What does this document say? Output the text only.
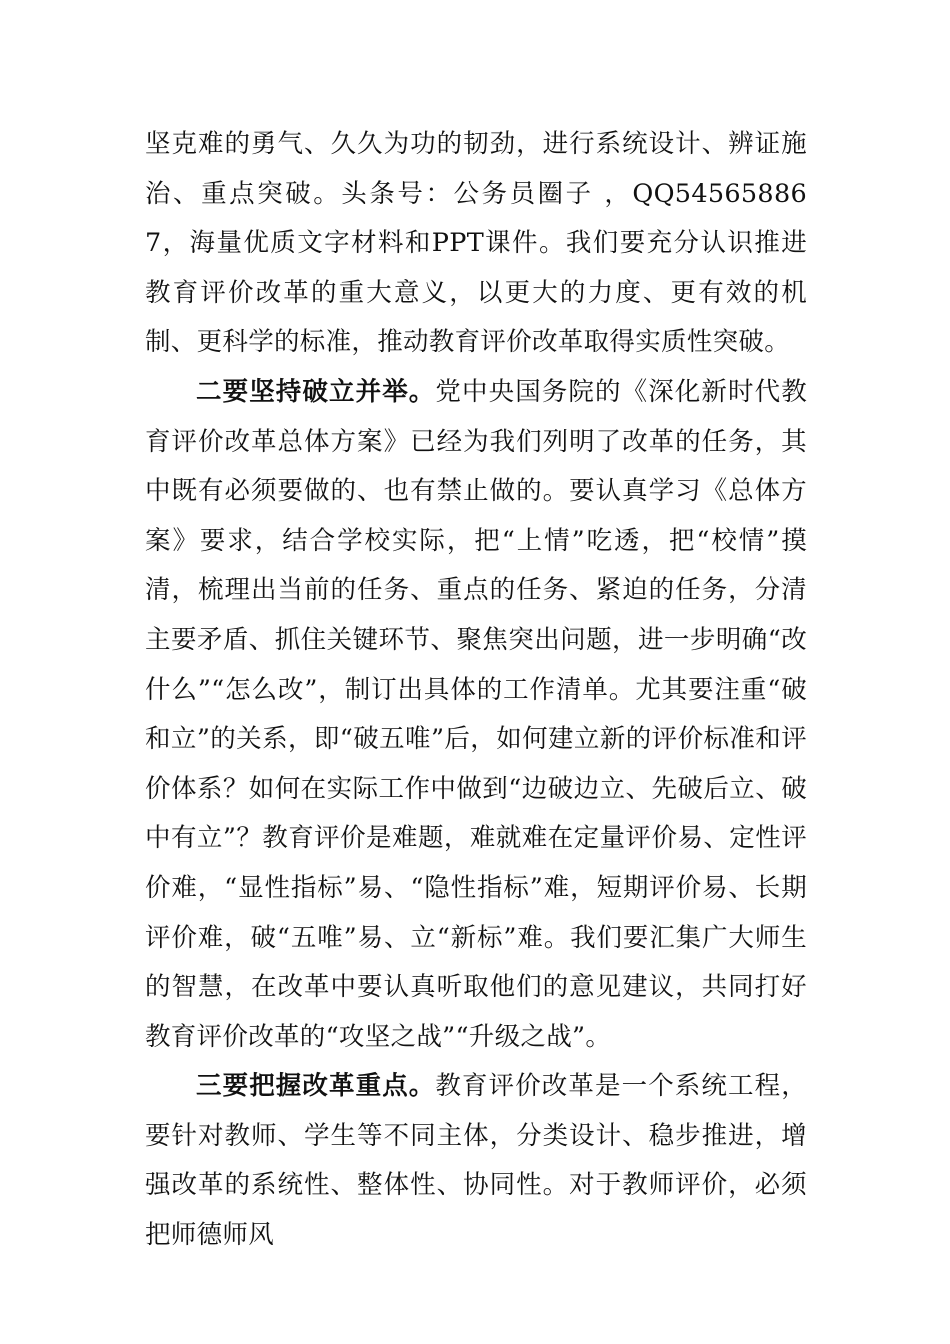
坚克难的勇气、久久为功的韧劲，进行系统设计、辨证施治、重点突破。头条号：公务员圈子 ，QQ545658867，海量优质文字材料和PPT课件。我们要充分认识推进教育评价改革的重大意义，以更大的力度、更有效的机制、更科学的标准，推动教育评价改革取得实质性突破。

二要坚持破立并举。党中央国务院的《深化新时代教育评价改革总体方案》已经为我们列明了改革的任务，其中既有必须要做的、也有禁止做的。要认真学习《总体方案》要求，结合学校实际，把“上情”吃透，把“校情”摸清，梳理出当前的任务、重点的任务、紧迫的任务，分清主要矛盾、抓住关键环节、聚焦突出问题，进一步明确“改什么”“怎么改”，制订出具体的工作清单。尤其要注重“破和立”的关系，即“破五唯”后，如何建立新的评价标准和评价体系？如何在实际工作中做到“边破边立、先破后立、破中有立”？教育评价是难题，难就难在定量评价易、定性评价难，“显性指标”易、“隐性指标”难，短期评价易、长期评价难，破“五唯”易、立“新标”难。我们要汇集广大师生的智慧，在改革中要认真听取他们的意见建议，共同打好教育评价改革的“攻坚之战”“升级之战”。

三要把握改革重点。教育评价改革是一个系统工程，要针对教师、学生等不同主体，分类设计、稳步推进，增强改革的系统性、整体性、协同性。对于教师评价，必须把师德师风
